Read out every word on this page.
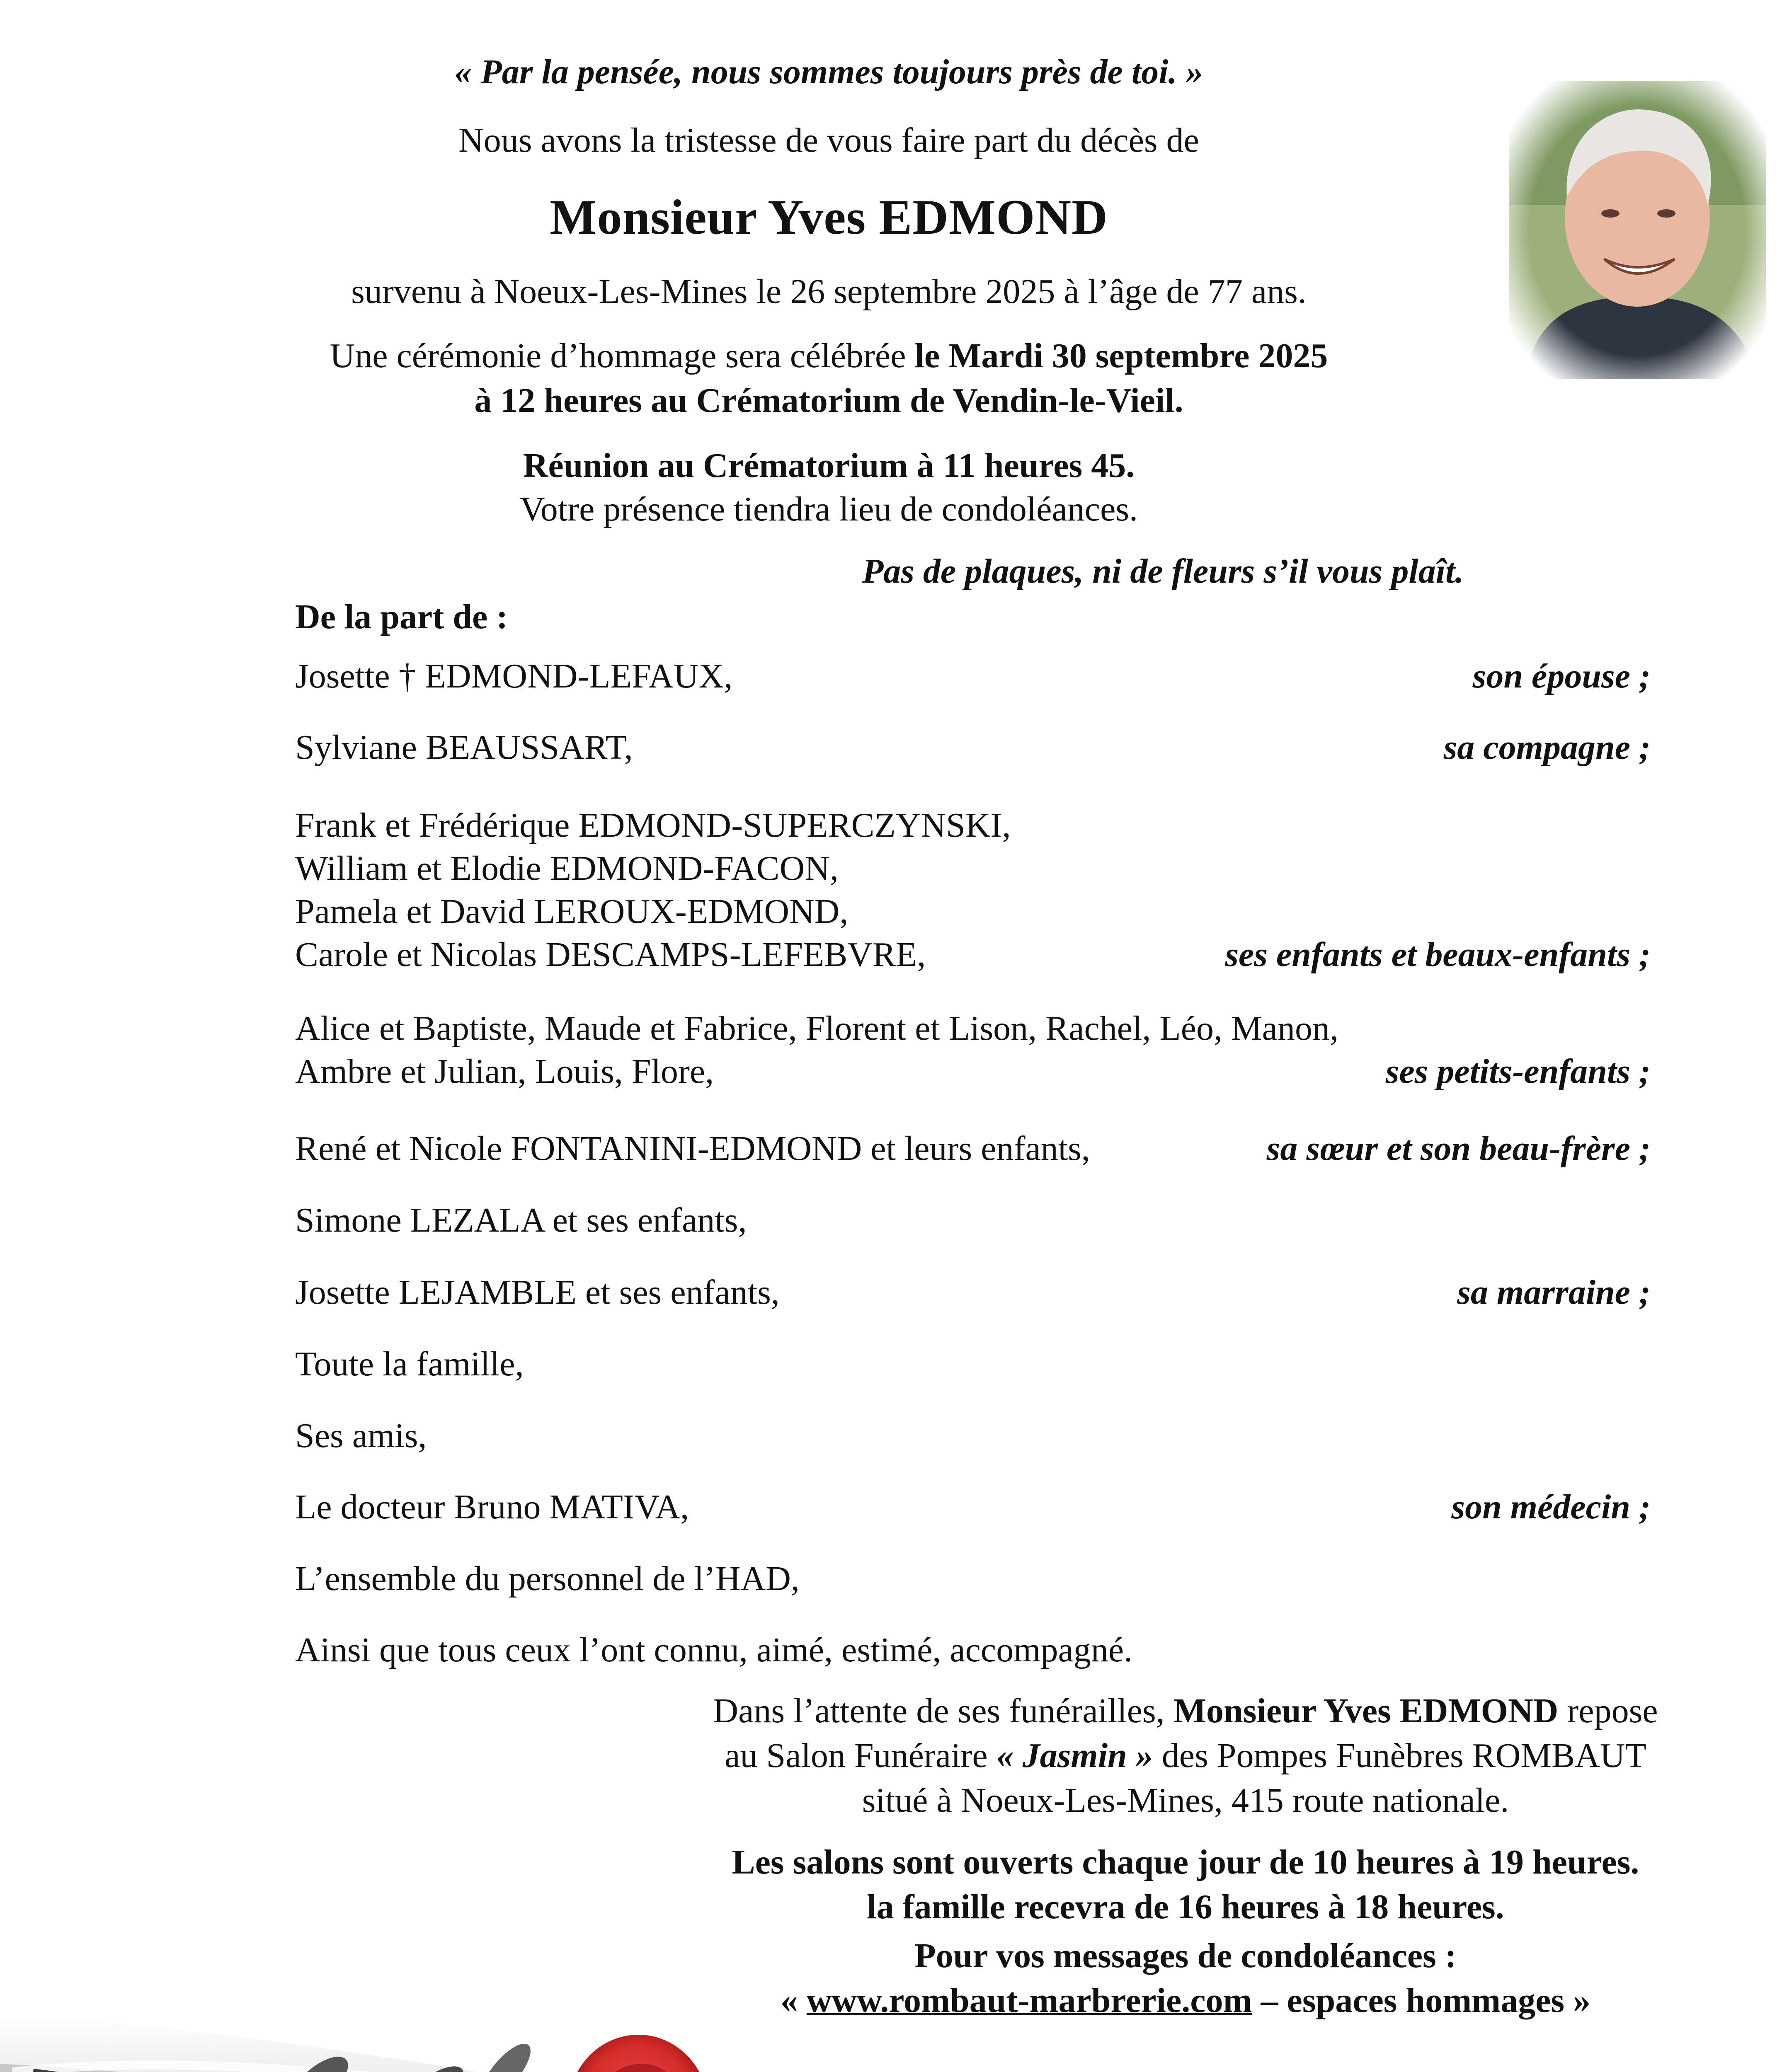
« Par la pensée, nous sommes toujours près de toi. »
Nous avons la tristesse de vous faire part du décès de
Monsieur Yves EDMOND
survenu à Noeux-Les-Mines le 26 septembre 2025 à l’âge de 77 ans.
Une cérémonie d’hommage sera célébrée le Mardi 30 septembre 2025
à 12 heures au Crématorium de Vendin-le-Vieil.
Réunion au Crématorium à 11 heures 45.
Votre présence tiendra lieu de condoléances.
Pas de plaques, ni de fleurs s’il vous plaît.
De la part de :
Josette † EDMOND-LEFAUX,	son épouse ;
Sylviane BEAUSSART,	sa compagne ;
Frank et Frédérique EDMOND-SUPERCZYNSKI,
William et Elodie EDMOND-FACON,
Pamela et David LEROUX-EDMOND,
Carole et Nicolas DESCAMPS-LEFEBVRE,	ses enfants et beaux-enfants ;
Alice et Baptiste, Maude et Fabrice, Florent et Lison, Rachel, Léo, Manon,
Ambre et Julian, Louis, Flore,	ses petits-enfants ;
René et Nicole FONTANINI-EDMOND et leurs enfants,	sa sœur et son beau-frère ;
Simone LEZALA et ses enfants,
Josette LEJAMBLE et ses enfants,	sa marraine ;
Toute la famille,
Ses amis,
Le docteur Bruno MATIVA,	son médecin ;
L’ensemble du personnel de l’HAD,
Ainsi que tous ceux l’ont connu, aimé, estimé, accompagné.
Dans l’attente de ses funérailles, Monsieur Yves EDMOND repose
au Salon Funéraire « Jasmin » des Pompes Funèbres ROMBAUT
situé à Noeux-Les-Mines, 415 route nationale.
Les salons sont ouverts chaque jour de 10 heures à 19 heures.
la famille recevra de 16 heures à 18 heures.
Pour vos messages de condoléances :
« www.rombaut-marbrerie.com – espaces hommages »
